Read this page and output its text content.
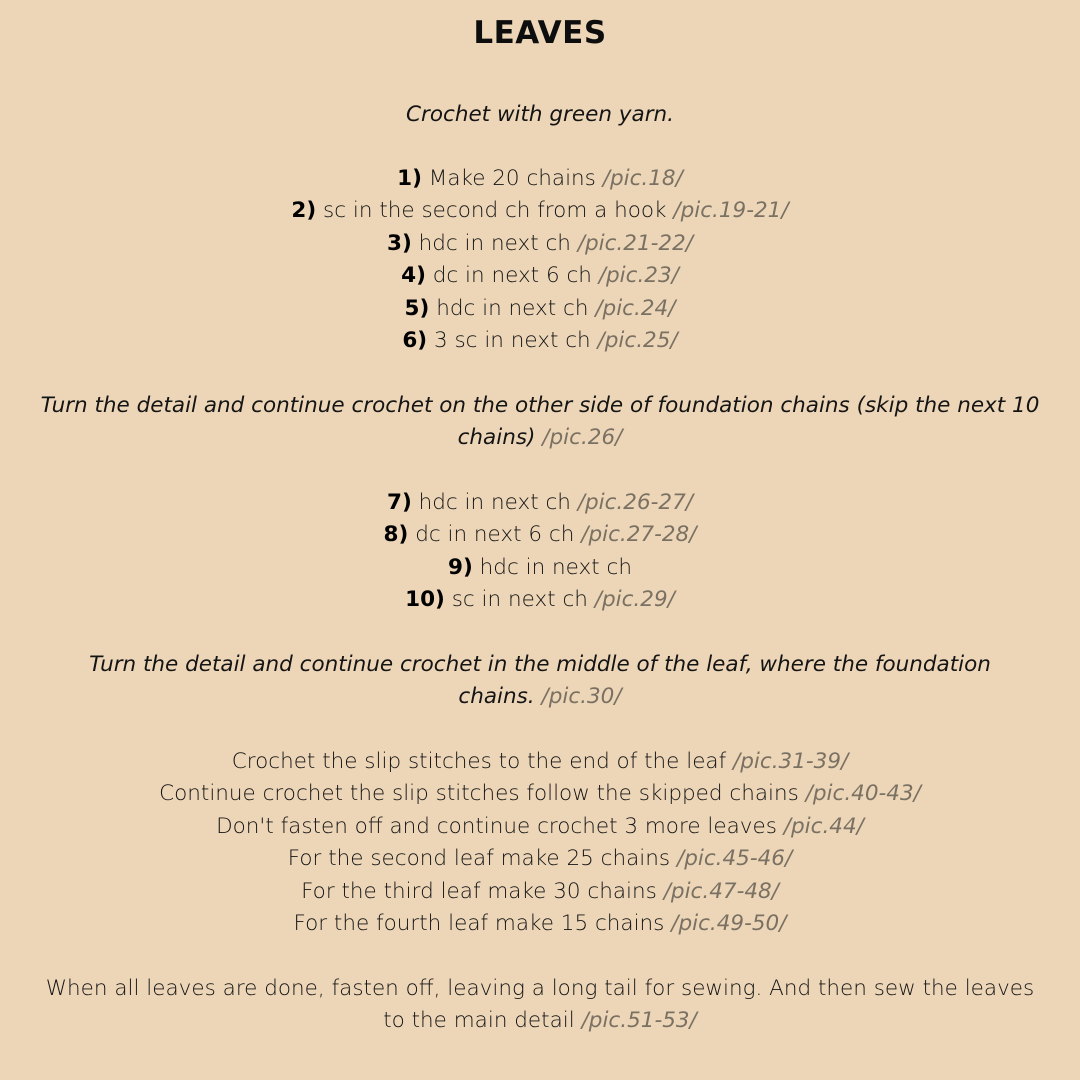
LEAVES
Crochet with green yarn.
1) Make 20 chains /pic.18/
2) sc in the second ch from a hook /pic.19-21/
3) hdc in next ch /pic.21-22/
4) dc in next 6 ch /pic.23/
5) hdc in next ch /pic.24/
6) 3 sc in next ch /pic.25/
Turn the detail and continue crochet on the other side of foundation chains (skip the next 10
chains) /pic.26/
7) hdc in next ch /pic.26-27/
8) dc in next 6 ch /pic.27-28/
9) hdc in next ch
10) sc in next ch /pic.29/
Turn the detail and continue crochet in the middle of the leaf, where the foundation
chains. /pic.30/
Crochet the slip stitches to the end of the leaf /pic.31-39/
Continue crochet the slip stitches follow the skipped chains /pic.40-43/
Don't fasten off and continue crochet 3 more leaves /pic.44/
For the second leaf make 25 chains /pic.45-46/
For the third leaf make 30 chains /pic.47-48/
For the fourth leaf make 15 chains /pic.49-50/
When all leaves are done, fasten off, leaving a long tail for sewing. And then sew the leaves
to the main detail /pic.51-53/
